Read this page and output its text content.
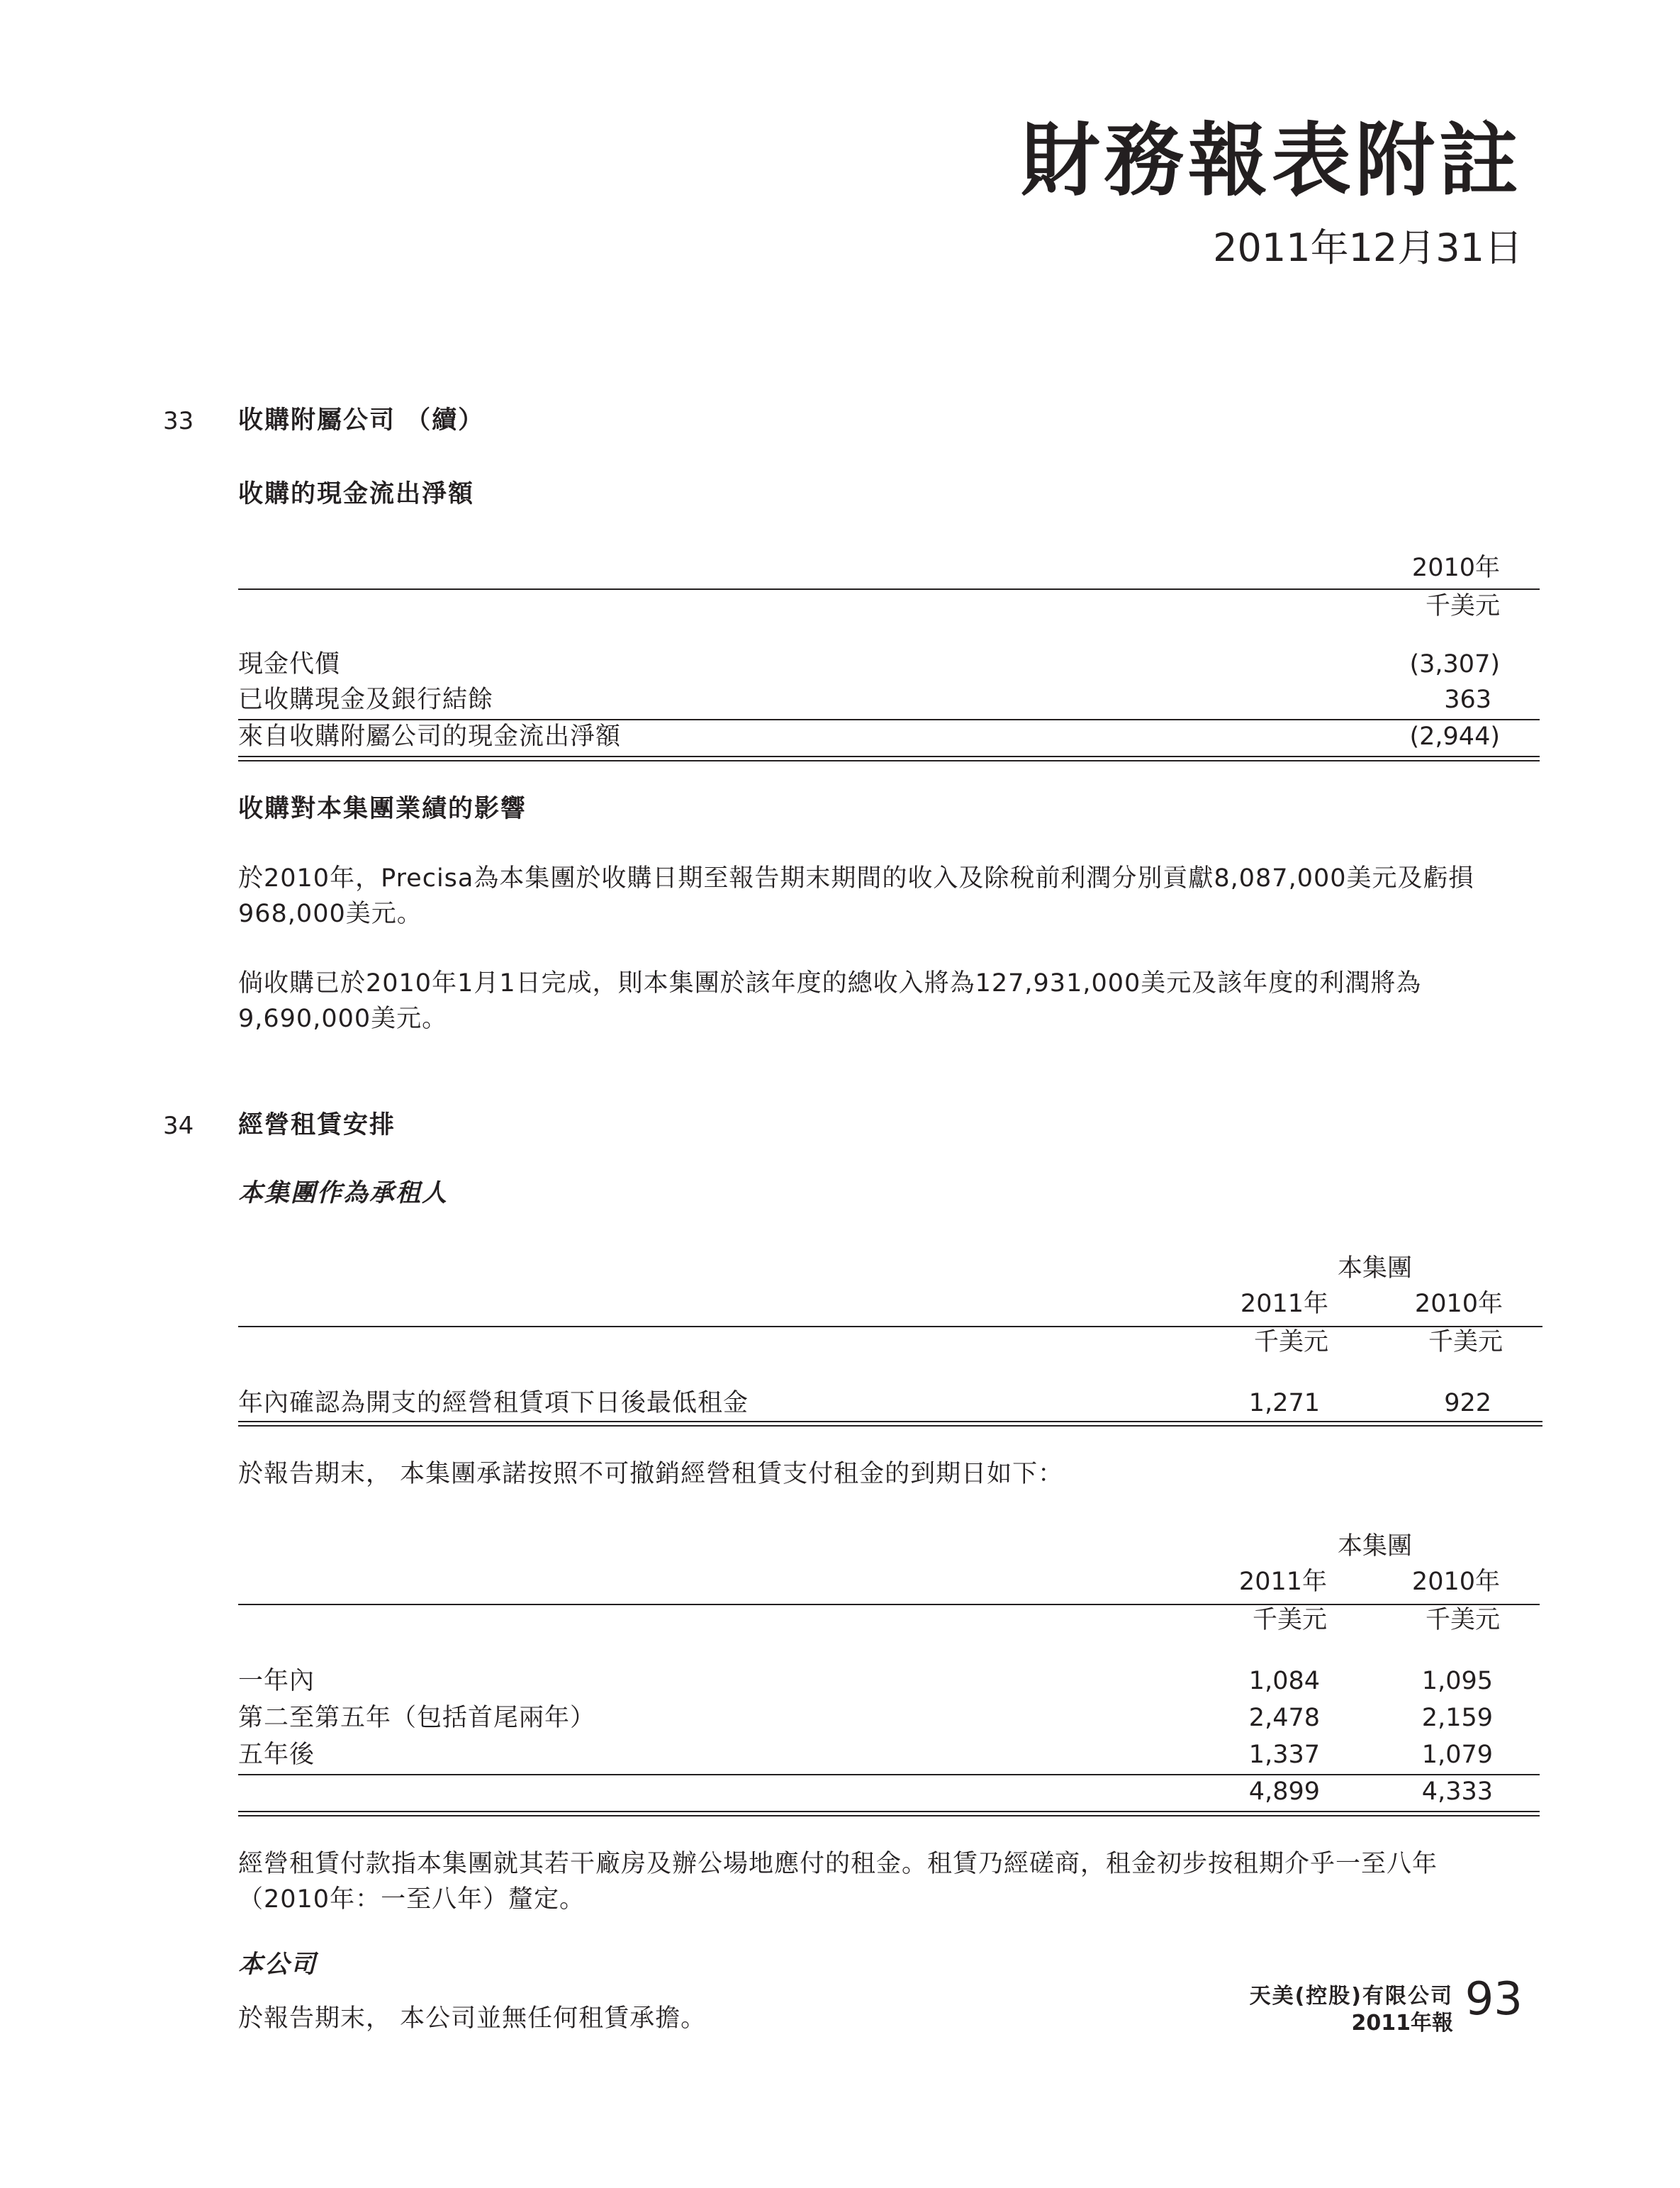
財務報表附註
2011年12月31日
33 收購附屬公司 （續）
收購的現金流出淨額
2010年
千美元
現金代價	(3,307)
已收購現金及銀行結餘	363
來自收購附屬公司的現金流出淨額	(2,944)
收購對本集團業績的影響
於2010年，Precisa為本集團於收購日期至報告期末期間的收入及除稅前利潤分別貢獻8,087,000美元及虧損968,000美元。
倘收購已於2010年1月1日完成，則本集團於該年度的總收入將為127,931,000美元及該年度的利潤將為9,690,000美元。
34 經營租賃安排
本集團作為承租人
本集團
2011年	2010年
千美元	千美元
年內確認為開支的經營租賃項下日後最低租金	1,271	922
於報告期末， 本集團承諾按照不可撤銷經營租賃支付租金的到期日如下：
本集團
2011年	2010年
千美元	千美元
一年內	1,084	1,095
第二至第五年（包括首尾兩年）	2,478	2,159
五年後	1,337	1,079
4,899	4,333
經營租賃付款指本集團就其若干廠房及辦公場地應付的租金。租賃乃經磋商，租金初步按租期介乎一至八年（2010年：一至八年）釐定。
本公司
於報告期末， 本公司並無任何租賃承擔。
天美(控股)有限公司
2011年報 93
